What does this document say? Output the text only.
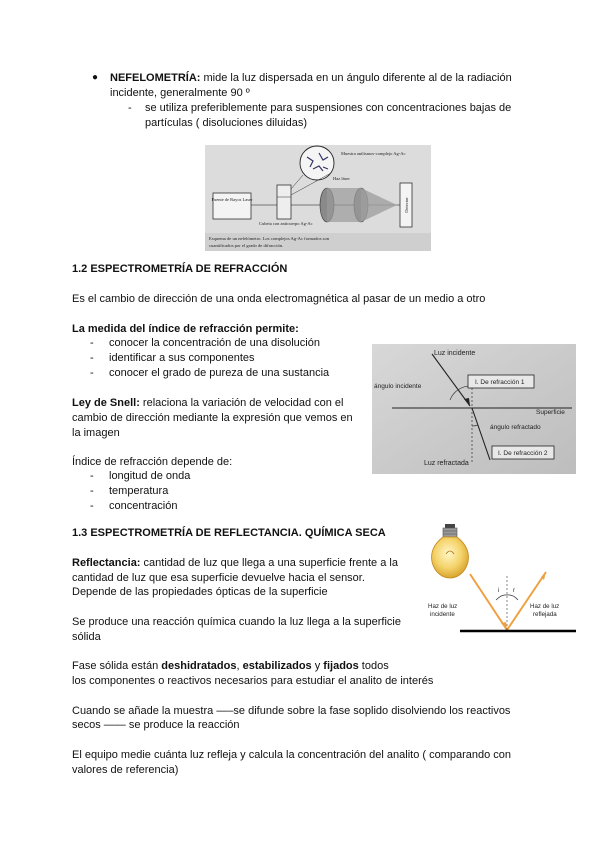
● NEFELOMETRÍA: mide la luz dispersada en un ángulo diferente al de la radiación
incidente, generalmente 90 º
- se utiliza preferiblemente para suspensiones con concentraciones bajas de
partículas ( disoluciones diluidas)
Fuente de Rayos Laser
Muestra anilismos-complejo Ag-Ac
Haz láser
Detector
Cubeta con anticuerpo Ag-Ac
Esquema de un nefelómetro. Los complejos Ag-Ac formados son
cuantificados por el grado de difracción.
1.2 ESPECTROMETRÍA DE REFRACCIÓN
Es el cambio de dirección de una onda electromagnética al pasar de un medio a otro
La medida del índice de refracción permite:
- conocer la concentración de una disolución
- identificar a sus componentes
- conocer el grado de pureza de una sustancia
Ley de Snell: relaciona la variación de velocidad con el
cambio de dirección mediante la expresión que vemos en
la imagen
Índice de refracción depende de:
- longitud de onda
- temperatura
- concentración
Luz incidente
ángulo incidente
I. De refracción 1
Superficie
ángulo refractado
Luz refractada
I. De refracción 2
1.3 ESPECTROMETRÍA DE REFLECTANCIA. QUÍMICA SECA
Reflectancia: cantidad de luz que llega a una superficie frente a la
cantidad de luz que esa superficie devuelve hacia el sensor.
Depende de las propiedades ópticas de la superficie
Se produce una reacción química cuando la luz llega a la superficie
sólida
Fase sólida están deshidratados, estabilizados y fijados todos
los componentes o reactivos necesarios para estudiar el analito de interés
Cuando se añade la muestra —–se difunde sobre la fase soplido disolviendo los reactivos
secos —— se produce la reacción
El equipo medie cuánta luz refleja y calcula la concentración del analito ( comparando con
valores de referencia)
i r
Haz de luz
incidente
Haz de luz
reflejada
